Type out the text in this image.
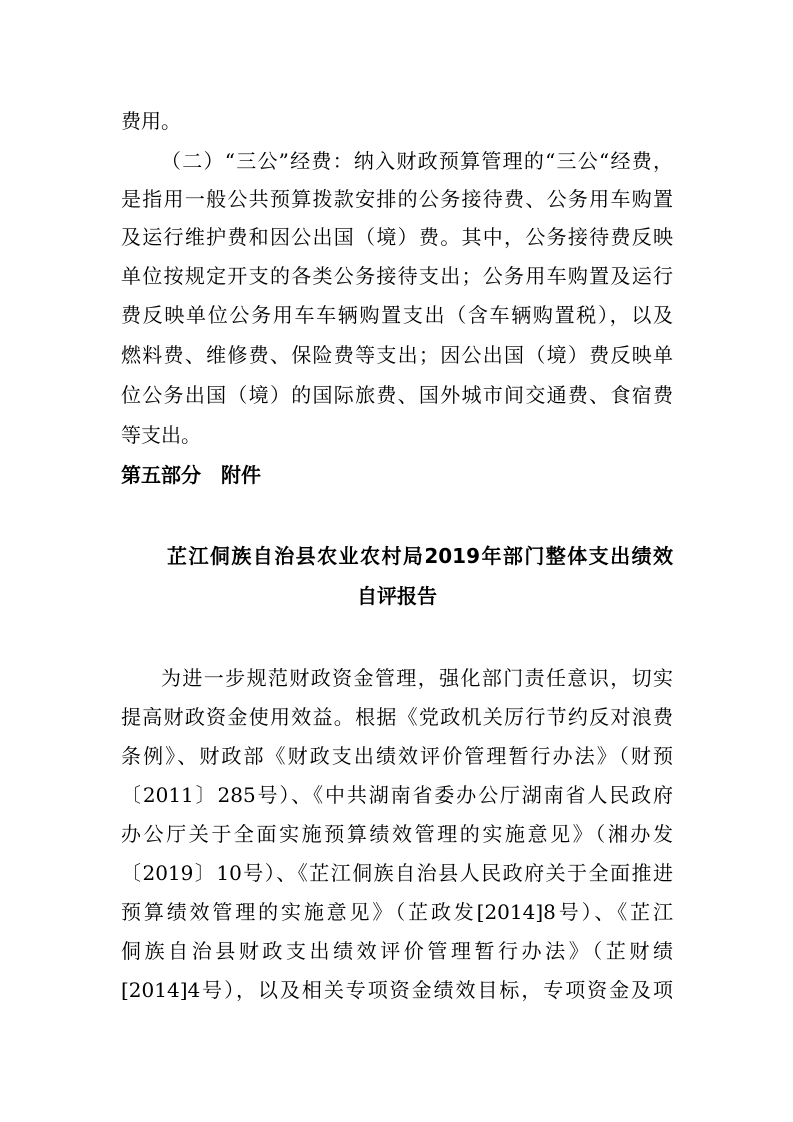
费用。
（二）“三公”经费：纳入财政预算管理的“三公“经费，
是指用一般公共预算拨款安排的公务接待费、公务用车购置
及运行维护费和因公出国（境）费。其中，公务接待费反映
单位按规定开支的各类公务接待支出；公务用车购置及运行
费反映单位公务用车车辆购置支出（含车辆购置税），以及
燃料费、维修费、保险费等支出；因公出国（境）费反映单
位公务出国（境）的国际旅费、国外城市间交通费、食宿费
等支出。
第五部分　附件
芷江侗族自治县农业农村局2019年部门整体支出绩效
自评报告
为进一步规范财政资金管理，强化部门责任意识，切实
提高财政资金使用效益。根据《党政机关厉行节约反对浪费
条例》、财政部《财政支出绩效评价管理暂行办法》（财预
〔2011〕285号）、《中共湖南省委办公厅湖南省人民政府
办公厅关于全面实施预算绩效管理的实施意见》（湘办发
〔2019〕10号）、《芷江侗族自治县人民政府关于全面推进
预算绩效管理的实施意见》（芷政发[2014]8号）、《芷江
侗族自治县财政支出绩效评价管理暂行办法》（芷财绩
[2014]4号），以及相关专项资金绩效目标，专项资金及项
